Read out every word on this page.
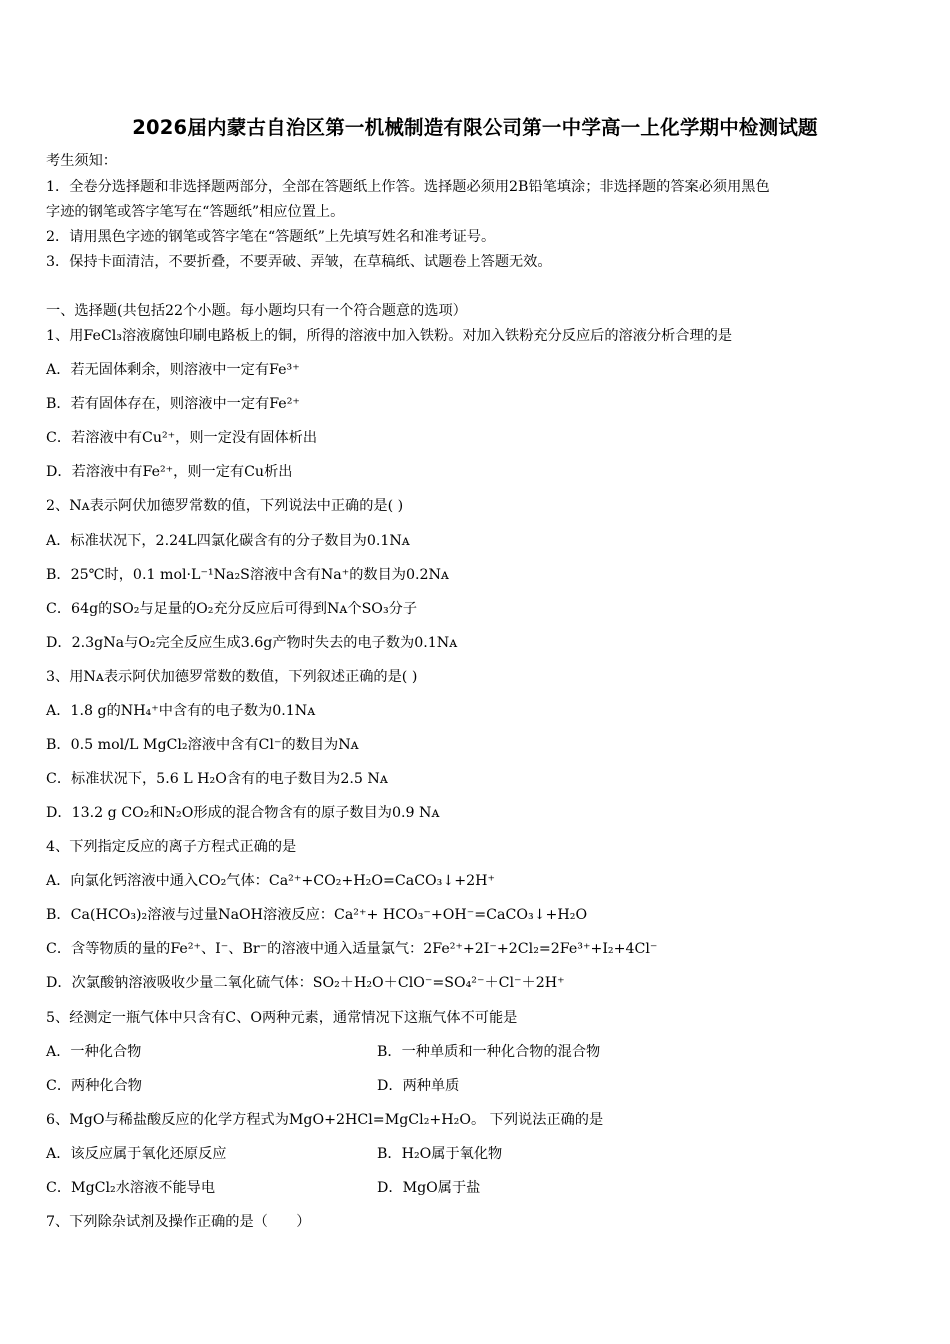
2026届内蒙古自治区第一机械制造有限公司第一中学高一上化学期中检测试题
考生须知：
1．全卷分选择题和非选择题两部分，全部在答题纸上作答。选择题必须用2B铅笔填涂；非选择题的答案必须用黑色
字迹的钢笔或答字笔写在“答题纸”相应位置上。
2．请用黑色字迹的钢笔或答字笔在“答题纸”上先填写姓名和准考证号。
3．保持卡面清洁，不要折叠，不要弄破、弄皱，在草稿纸、试题卷上答题无效。
一、选择题(共包括22个小题。每小题均只有一个符合题意的选项）
1、用FeCl₃溶液腐蚀印刷电路板上的铜，所得的溶液中加入铁粉。对加入铁粉充分反应后的溶液分析合理的是
A．若无固体剩余，则溶液中一定有Fe³⁺
B．若有固体存在，则溶液中一定有Fe²⁺
C．若溶液中有Cu²⁺，则一定没有固体析出
D．若溶液中有Fe²⁺，则一定有Cu析出
2、Nᴀ表示阿伏加德罗常数的值，下列说法中正确的是( )
A．标准状况下，2.24L四氯化碳含有的分子数目为0.1Nᴀ
B．25℃时，0.1 mol·L⁻¹Na₂S溶液中含有Na⁺的数目为0.2Nᴀ
C．64g的SO₂与足量的O₂充分反应后可得到Nᴀ个SO₃分子
D．2.3gNa与O₂完全反应生成3.6g产物时失去的电子数为0.1Nᴀ
3、用Nᴀ表示阿伏加德罗常数的数值，下列叙述正确的是( )
A．1.8 g的NH₄⁺中含有的电子数为0.1Nᴀ
B．0.5 mol/L MgCl₂溶液中含有Cl⁻的数目为Nᴀ
C．标准状况下，5.6 L H₂O含有的电子数目为2.5 Nᴀ
D．13.2 g CO₂和N₂O形成的混合物含有的原子数目为0.9 Nᴀ
4、下列指定反应的离子方程式正确的是
A．向氯化钙溶液中通入CO₂气体：Ca²⁺+CO₂+H₂O=CaCO₃↓+2H⁺
B．Ca(HCO₃)₂溶液与过量NaOH溶液反应：Ca²⁺+ HCO₃⁻+OH⁻=CaCO₃↓+H₂O
C．含等物质的量的Fe²⁺、I⁻、Br⁻的溶液中通入适量氯气：2Fe²⁺+2I⁻+2Cl₂=2Fe³⁺+I₂+4Cl⁻
D．次氯酸钠溶液吸收少量二氧化硫气体：SO₂＋H₂O＋ClO⁻=SO₄²⁻＋Cl⁻＋2H⁺
5、经测定一瓶气体中只含有C、O两种元素，通常情况下这瓶气体不可能是
A．一种化合物	B．一种单质和一种化合物的混合物
C．两种化合物	D．两种单质
6、MgO与稀盐酸反应的化学方程式为MgO+2HCl=MgCl₂+H₂O。 下列说法正确的是
A．该反应属于氧化还原反应	B．H₂O属于氧化物
C．MgCl₂水溶液不能导电	D．MgO属于盐
7、下列除杂试剂及操作正确的是（　　）
